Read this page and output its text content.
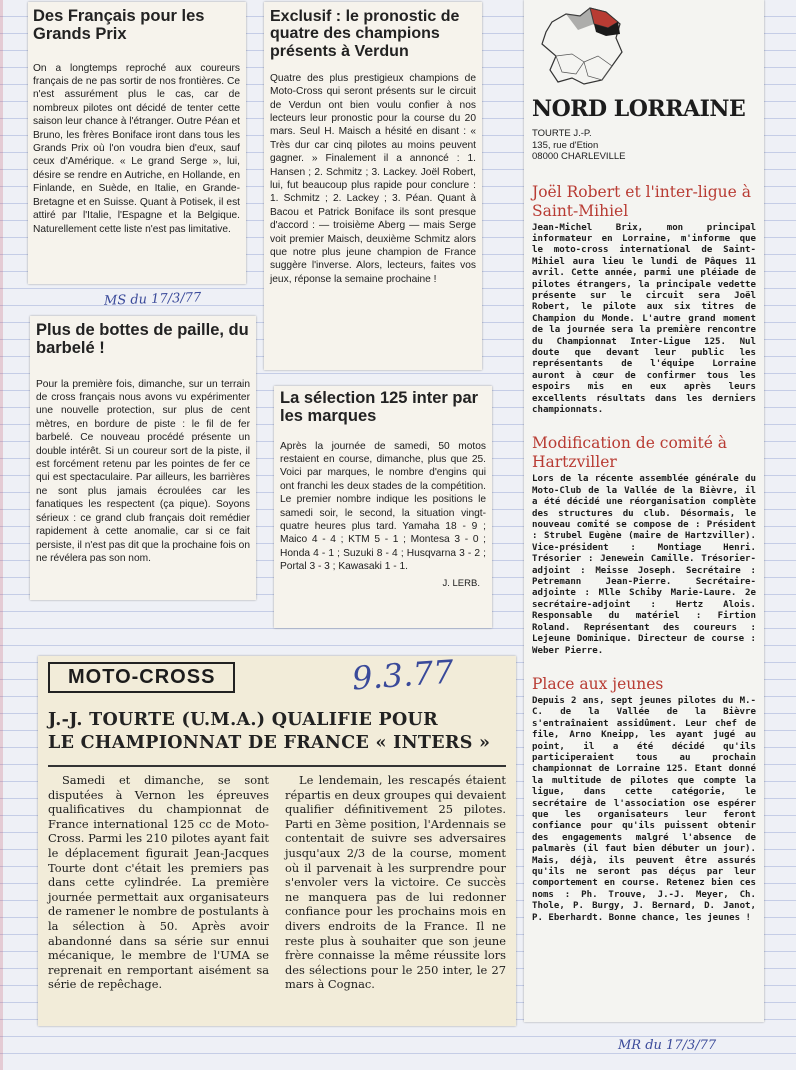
Des Français pour les Grands Prix
On a longtemps reproché aux coureurs français de ne pas sortir de nos frontières. Ce n'est assurément plus le cas, car de nombreux pilotes ont décidé de tenter cette saison leur chance à l'étranger. Outre Péan et Bruno, les frères Boniface iront dans tous les Grands Prix où l'on voudra bien d'eux, sauf ceux d'Amérique. « Le grand Serge », lui, désire se rendre en Autriche, en Hollande, en Finlande, en Suède, en Italie, en Grande-Bretagne et en Suisse. Quant à Potisek, il est attiré par l'Italie, l'Espagne et la Belgique. Naturellement cette liste n'est pas limitative.
Exclusif : le pronostic de quatre des champions présents à Verdun
Quatre des plus prestigieux champions de Moto-Cross qui seront présents sur le circuit de Verdun ont bien voulu confier à nos lecteurs leur pronostic pour la course du 20 mars. Seul H. Maisch a hésité en disant : « Très dur car cinq pilotes au moins peuvent gagner. » Finalement il a annoncé : 1. Hansen ; 2. Schmitz ; 3. Lackey. Joël Robert, lui, fut beaucoup plus rapide pour conclure : 1. Schmitz ; 2. Lackey ; 3. Péan. Quant à Bacou et Patrick Boniface ils sont presque d'accord : — troisième Aberg — mais Serge voit premier Maisch, deuxième Schmitz alors que notre plus jeune champion de France suggère l'inverse. Alors, lecteurs, faites vos jeux, réponse la semaine prochaine !
MS du 17/3/77
Plus de bottes de paille, du barbelé !
Pour la première fois, dimanche, sur un terrain de cross français nous avons vu expérimenter une nouvelle protection, sur plus de cent mètres, en bordure de piste : le fil de fer barbelé. Ce nouveau procédé présente un double intérêt. Si un coureur sort de la piste, il est forcément retenu par les pointes de fer ce qui est spectaculaire. Par ailleurs, les barrières ne sont plus jamais écroulées car les fanatiques les respectent (ça pique). Soyons sérieux : ce grand club français doit remédier rapidement à cette anomalie, car si ce fait persiste, il n'est pas dit que la prochaine fois on ne révélera pas son nom.
La sélection 125 inter par les marques
Après la journée de samedi, 50 motos restaient en course, dimanche, plus que 25. Voici par marques, le nombre d'engins qui ont franchi les deux stades de la compétition. Le premier nombre indique les positions le samedi soir, le second, la situation vingt-quatre heures plus tard. Yamaha 18 - 9 ; Maico 4 - 4 ; KTM 5 - 1 ; Montesa 3 - 0 ; Honda 4 - 1 ; Suzuki 8 - 4 ; Husqvarna 3 - 2 ; Portal 3 - 3 ; Kawasaki 1 - 1.
J. LERB.
NORD LORRAINE
TOURTE J.-P.
135, rue d'Etion
08000 CHARLEVILLE
Joël Robert et l'inter-ligue à Saint-Mihiel
Jean-Michel Brix, mon principal informateur en Lorraine, m'informe que le moto-cross international de Saint-Mihiel aura lieu le lundi de Pâques 11 avril. Cette année, parmi une pléiade de pilotes étrangers, la principale vedette présente sur le circuit sera Joël Robert, le pilote aux six titres de Champion du Monde. L'autre grand moment de la journée sera la première rencontre du Championnat Inter-Ligue 125. Nul doute que devant leur public les représentants de l'équipe Lorraine auront à cœur de confirmer tous les espoirs mis en eux après leurs excellents résultats dans les derniers championnats.
Modification de comité à Hartzviller
Lors de la récente assemblée générale du Moto-Club de la Vallée de la Bièvre, il a été décidé une réorganisation complète des structures du club. Désormais, le nouveau comité se compose de : Président : Strubel Eugène (maire de Hartzviller). Vice-président : Montiage Henri. Trésorier : Jenewein Camille. Trésorier-adjoint : Meisse Joseph. Secrétaire : Petremann Jean-Pierre. Secrétaire-adjointe : Mlle Schiby Marie-Laure. 2e secrétaire-adjoint : Hertz Alois. Responsable du matériel : Firtion Roland. Représentant des coureurs : Lejeune Dominique. Directeur de course : Weber Pierre.
Place aux jeunes
Depuis 2 ans, sept jeunes pilotes du M.-C. de la Vallée de la Bièvre s'entraînaient assidûment. Leur chef de file, Arno Kneipp, les ayant jugé au point, il a été décidé qu'ils participeraient tous au prochain championnat de Lorraine 125. Etant donné la multitude de pilotes que compte la ligue, dans cette catégorie, le secrétaire de l'association ose espérer que les organisateurs leur feront confiance pour qu'ils puissent obtenir des engagements malgré l'absence de palmarès (il faut bien débuter un jour). Mais, déjà, ils peuvent être assurés qu'ils ne seront pas déçus par leur comportement en course. Retenez bien ces noms : Ph. Trouve, J.-J. Meyer, Ch. Thole, P. Burgy, J. Bernard, D. Janot, P. Eberhardt. Bonne chance, les jeunes !
MOTO-CROSS
J.-J. TOURTE (U.M.A.) QUALIFIE POUR
LE CHAMPIONNAT DE FRANCE « INTERS »

Samedi et dimanche, se sont disputées à Vernon les épreuves qualificatives du championnat de France international 125 cc de Moto-Cross. Parmi les 210 pilotes ayant fait le déplacement figurait Jean-Jacques Tourte dont c'était les premiers pas dans cette cylindrée. La première journée permettait aux organisateurs de ramener le nombre de postulants à la sélection à 50. Après avoir abandonné dans sa série sur ennui mécanique, le membre de l'UMA se reprenait en remportant aisément sa série de repêchage.

Le lendemain, les rescapés étaient répartis en deux groupes qui devaient qualifier définitivement 25 pilotes. Parti en 3ème position, l'Ardennais se contentait de suivre ses adversaires jusqu'aux 2/3 de la course, moment où il parvenait à les surprendre pour s'envoler vers la victoire. Ce succès ne manquera pas de lui redonner confiance pour les prochains mois en divers endroits de la France. Il ne reste plus à souhaiter que son jeune frère connaisse la même réussite lors des sélections pour le 250 inter, le 27 mars à Cognac.

9.3.77
MR du 17/3/77
